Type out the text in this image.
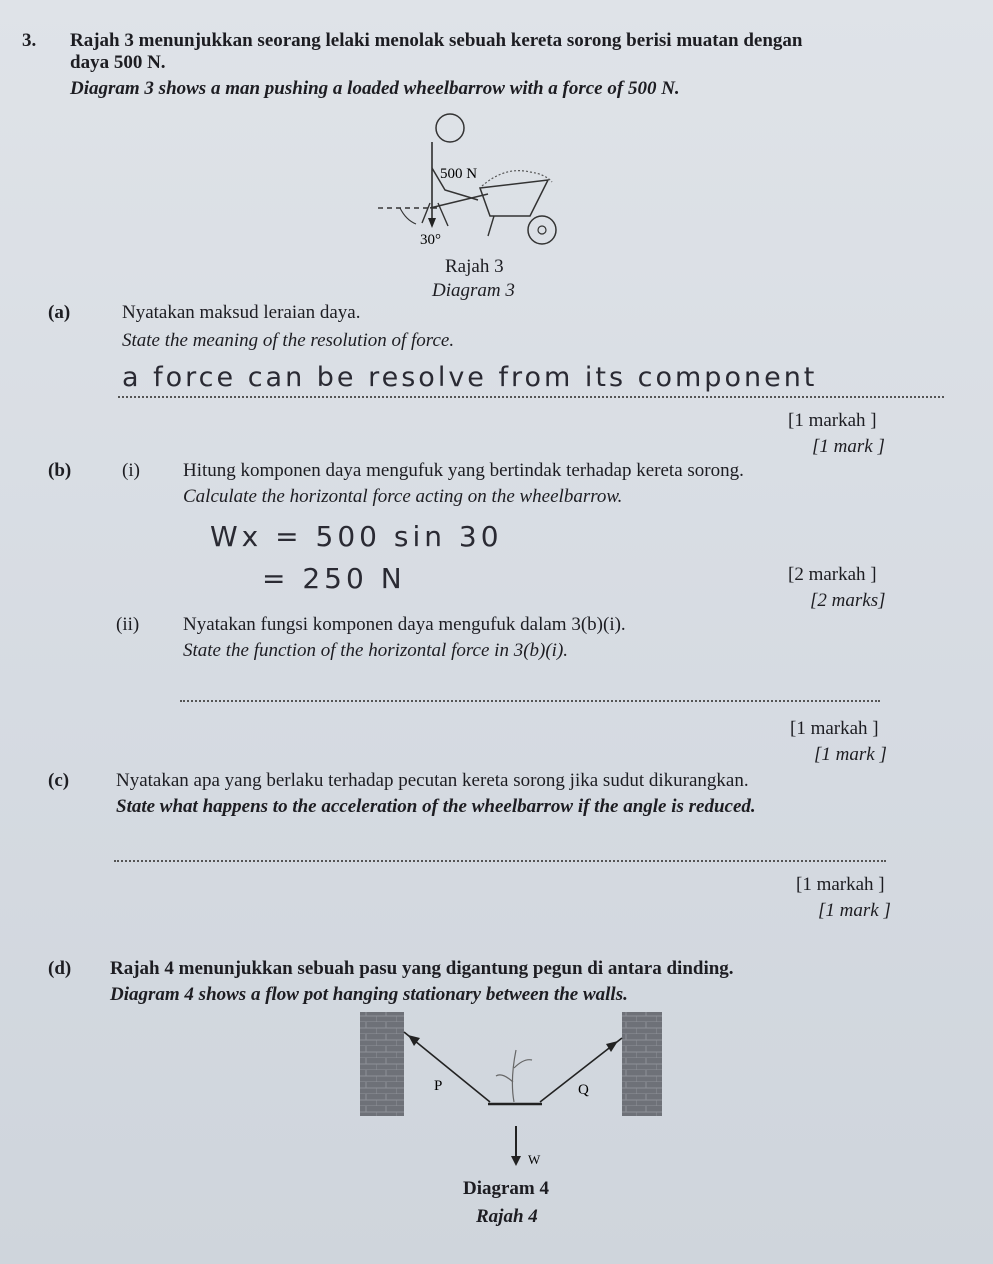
3. Rajah 3 menunjukkan seorang lelaki menolak sebuah kereta sorong berisi muatan dengan
daya 500 N.
Diagram 3 shows a man pushing a loaded wheelbarrow with a force of 500 N.
500 N
30°
Rajah 3
Diagram 3
(a)	Nyatakan maksud leraian daya.
State the meaning of the resolution of force.
a force can be resolve from its component
[1 markah ]
[1 mark ]
(b)	(i) Hitung komponen daya mengufuk yang bertindak terhadap kereta sorong.
Calculate the horizontal force acting on the wheelbarrow.
Wx = 500 sin 30
= 250 N	[2 markah ]
[2 marks]
(ii) Nyatakan fungsi komponen daya mengufuk dalam 3(b)(i).
State the function of the horizontal force in 3(b)(i).
[1 markah ]
[1 mark ]
(c) Nyatakan apa yang berlaku terhadap pecutan kereta sorong jika sudut dikurangkan.
State what happens to the acceleration of the wheelbarrow if the angle is reduced.
[1 markah ]
[1 mark ]
(d) Rajah 4 menunjukkan sebuah pasu yang digantung pegun di antara dinding.
Diagram 4 shows a flow pot hanging stationary between the walls.
P	Q
W
Diagram 4
Rajah 4
